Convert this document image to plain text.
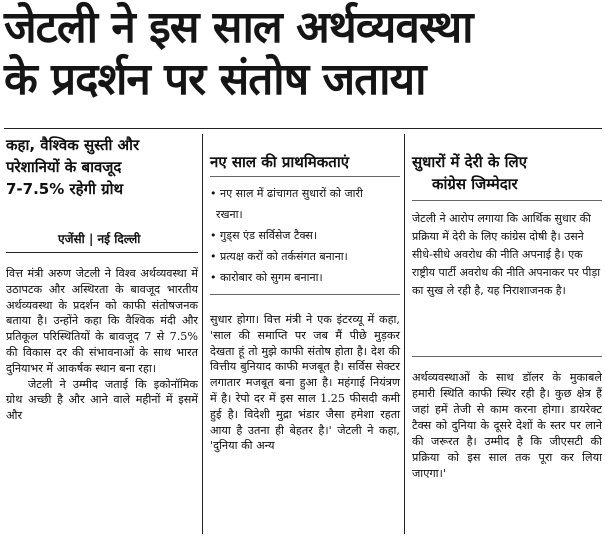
जेटली ने इस साल अर्थव्यवस्था
के प्रदर्शन पर संतोष जताया
कहा, वैश्विक सुस्ती और
परेशानियों के बावजूद
7-7.5% रहेगी ग्रोथ
एजेंसी | नई दिल्ली

वित्त मंत्री अरुण जेटली ने विश्व अर्थव्यवस्था में उठापटक और अस्थिरता के बावजूद भारतीय अर्थव्यवस्था के प्रदर्शन को काफी संतोषजनक बताया है। उन्होंने कहा कि वैश्विक मंदी और प्रतिकूल परिस्थितियों के बावजूद 7 से 7.5% की विकास दर की संभावनाओं के साथ भारत दुनियाभर में आकर्षक स्थान बना रहा।

जेटली ने उम्मीद जताई कि इकोनॉमिक ग्रोथ अच्छी है और आने वाले महीनों में इसमें और

नए साल की प्राथमिकताएं
• नए साल में ढांचागत सुधारों को जारी
रखना।
• गुड्स एंड सर्विसेज टैक्स।
• प्रत्यक्ष करों को तर्कसंगत बनाना।
• कारोबार को सुगम बनाना।

सुधार होगा। वित्त मंत्री ने एक इंटरव्यू में कहा, 'साल की समाप्ति पर जब मैं पीछे मुड़कर देखता हूं तो मुझे काफी संतोष होता है। देश की वित्तीय बुनियाद काफी मजबूत है। सर्विस सेक्टर लगातार मजबूत बना हुआ है। महंगाई नियंत्रण में है। रेपो दर में इस साल 1.25 फीसदी कमी हुई है। विदेशी मुद्रा भंडार जैसा हमेशा रहता आया है उतना ही बेहतर है।' जेटली ने कहा, 'दुनिया की अन्य

सुधारों में देरी के लिए
कांग्रेस जिम्मेदार
जेटली ने आरोप लगाया कि आर्थिक सुधार की प्रक्रिया में देरी के लिए कांग्रेस दोषी है। उसने सीधे-सीधे अवरोध की नीति अपनाई है। एक राष्ट्रीय पार्टी अवरोध की नीति अपनाकर पर पीड़ा का सुख ले रही है, यह निराशाजनक है।

अर्थव्यवस्थाओं के साथ डॉलर के मुकाबले हमारी स्थिति काफी स्थिर रही है। कुछ क्षेत्र हैं जहां हमें तेजी से काम करना होगा। डायरेक्ट टैक्स को दुनिया के दूसरे देशों के स्तर पर लाने की जरूरत है। उम्मीद है कि जीएसटी की प्रक्रिया को इस साल तक पूरा कर लिया जाएगा।'
